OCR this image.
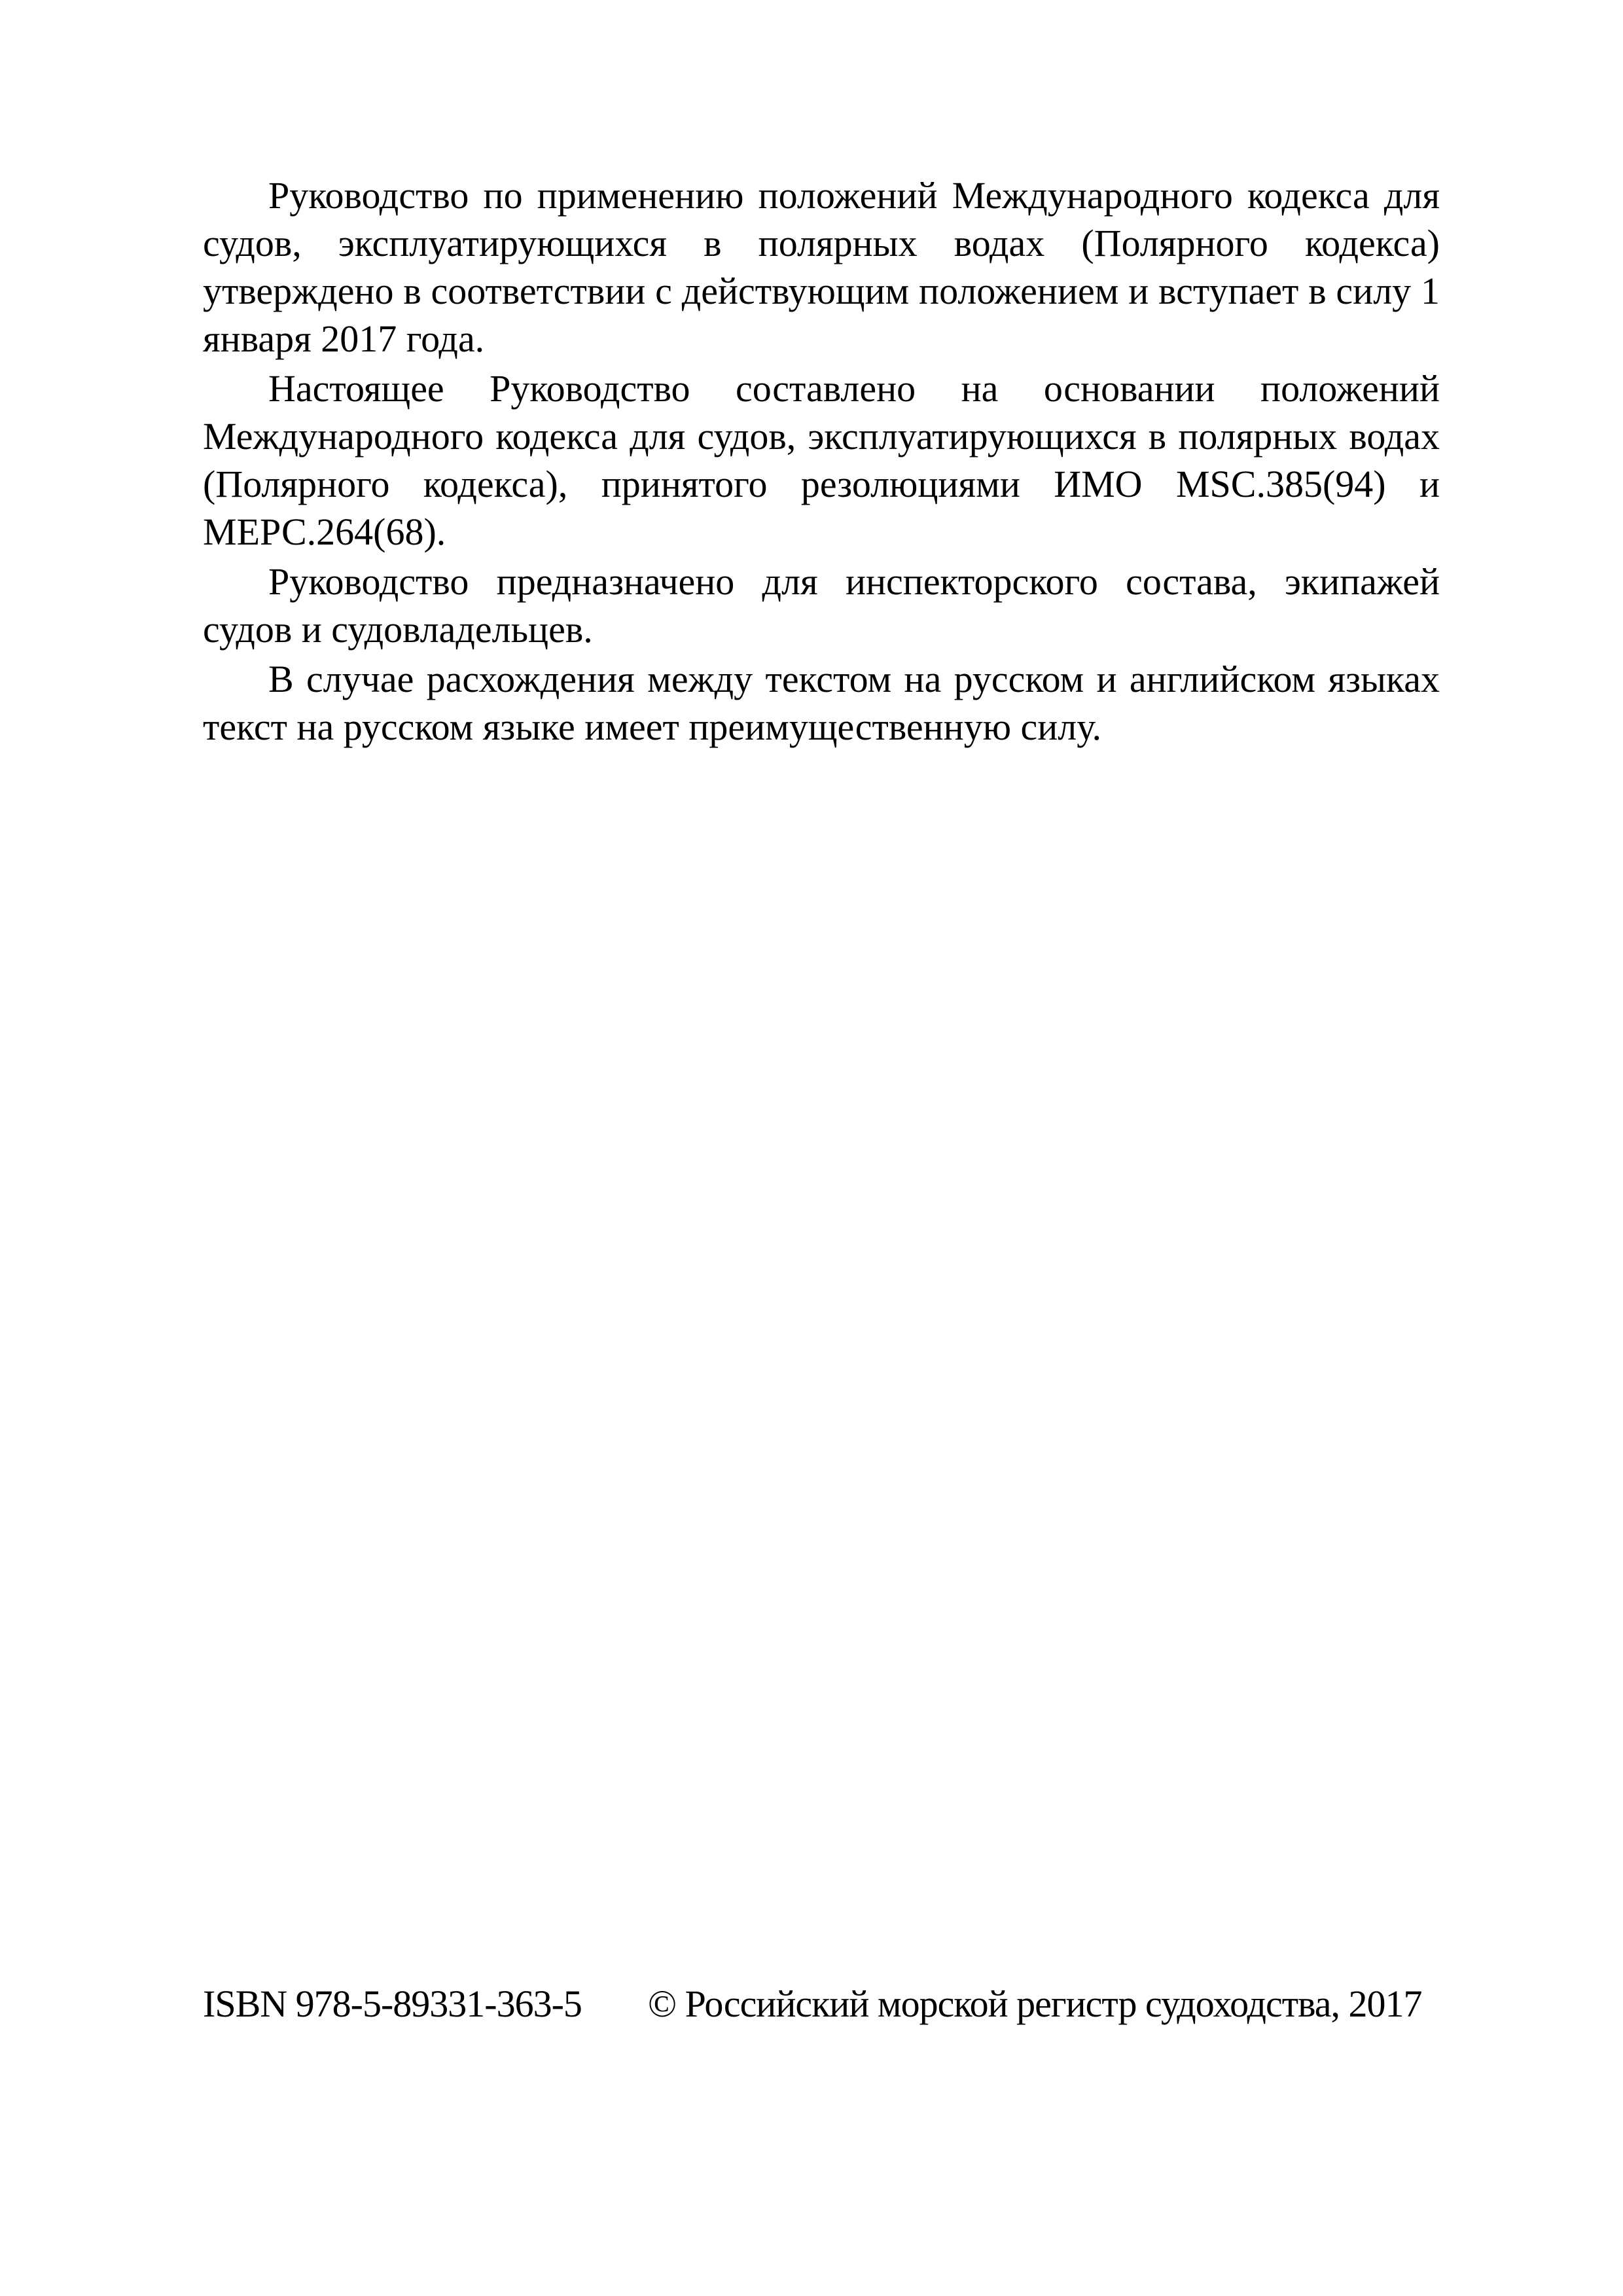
Руководство по применению положений Международного кодекса для судов, эксплуатирующихся в полярных водах (Полярного кодекса) утверждено в соответствии с действующим положением и вступает в силу 1 января 2017 года.

Настоящее Руководство составлено на основании положений Международного кодекса для судов, эксплуатирующихся в полярных водах (Полярного кодекса), принятого резолюциями ИМО MSC.385(94) и МЕРС.264(68).

Руководство предназначено для инспекторского состава, экипажей судов и судовладельцев.

В случае расхождения между текстом на русском и английском языках текст на русском языке имеет преимущественную силу.

ISBN 978-5-89331-363-5 © Российский морской регистр судоходства, 2017
